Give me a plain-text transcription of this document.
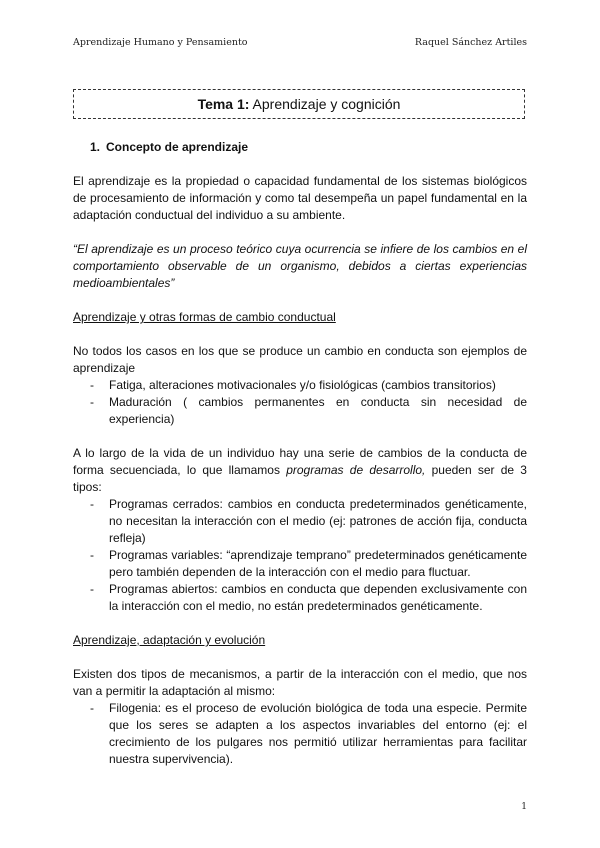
Aprendizaje Humano y Pensamiento	Raquel Sánchez Artiles
Tema 1: Aprendizaje y cognición
1. Concepto de aprendizaje

El aprendizaje es la propiedad o capacidad fundamental de los sistemas biológicos de procesamiento de información y como tal desempeña un papel fundamental en la adaptación conductual del individuo a su ambiente.

“El aprendizaje es un proceso teórico cuya ocurrencia se infiere de los cambios en el comportamiento observable de un organismo, debidos a ciertas experiencias medioambientales”

Aprendizaje y otras formas de cambio conductual

No todos los casos en los que se produce un cambio en conducta son ejemplos de aprendizaje

- Fatiga, alteraciones motivacionales y/o fisiológicas (cambios transitorios)
- Maduración ( cambios permanentes en conducta sin necesidad de experiencia)

A lo largo de la vida de un individuo hay una serie de cambios de la conducta de forma secuenciada, lo que llamamos programas de desarrollo, pueden ser de 3 tipos:

- Programas cerrados: cambios en conducta predeterminados genéticamente, no necesitan la interacción con el medio (ej: patrones de acción fija, conducta refleja)
- Programas variables: “aprendizaje temprano” predeterminados genéticamente pero también dependen de la interacción con el medio para fluctuar.
- Programas abiertos: cambios en conducta que dependen exclusivamente con la interacción con el medio, no están predeterminados genéticamente.

Aprendizaje, adaptación y evolución

Existen dos tipos de mecanismos, a partir de la interacción con el medio, que nos van a permitir la adaptación al mismo:

- Filogenia: es el proceso de evolución biológica de toda una especie. Permite que los seres se adapten a los aspectos invariables del entorno (ej: el crecimiento de los pulgares nos permitió utilizar herramientas para facilitar nuestra supervivencia).
1
